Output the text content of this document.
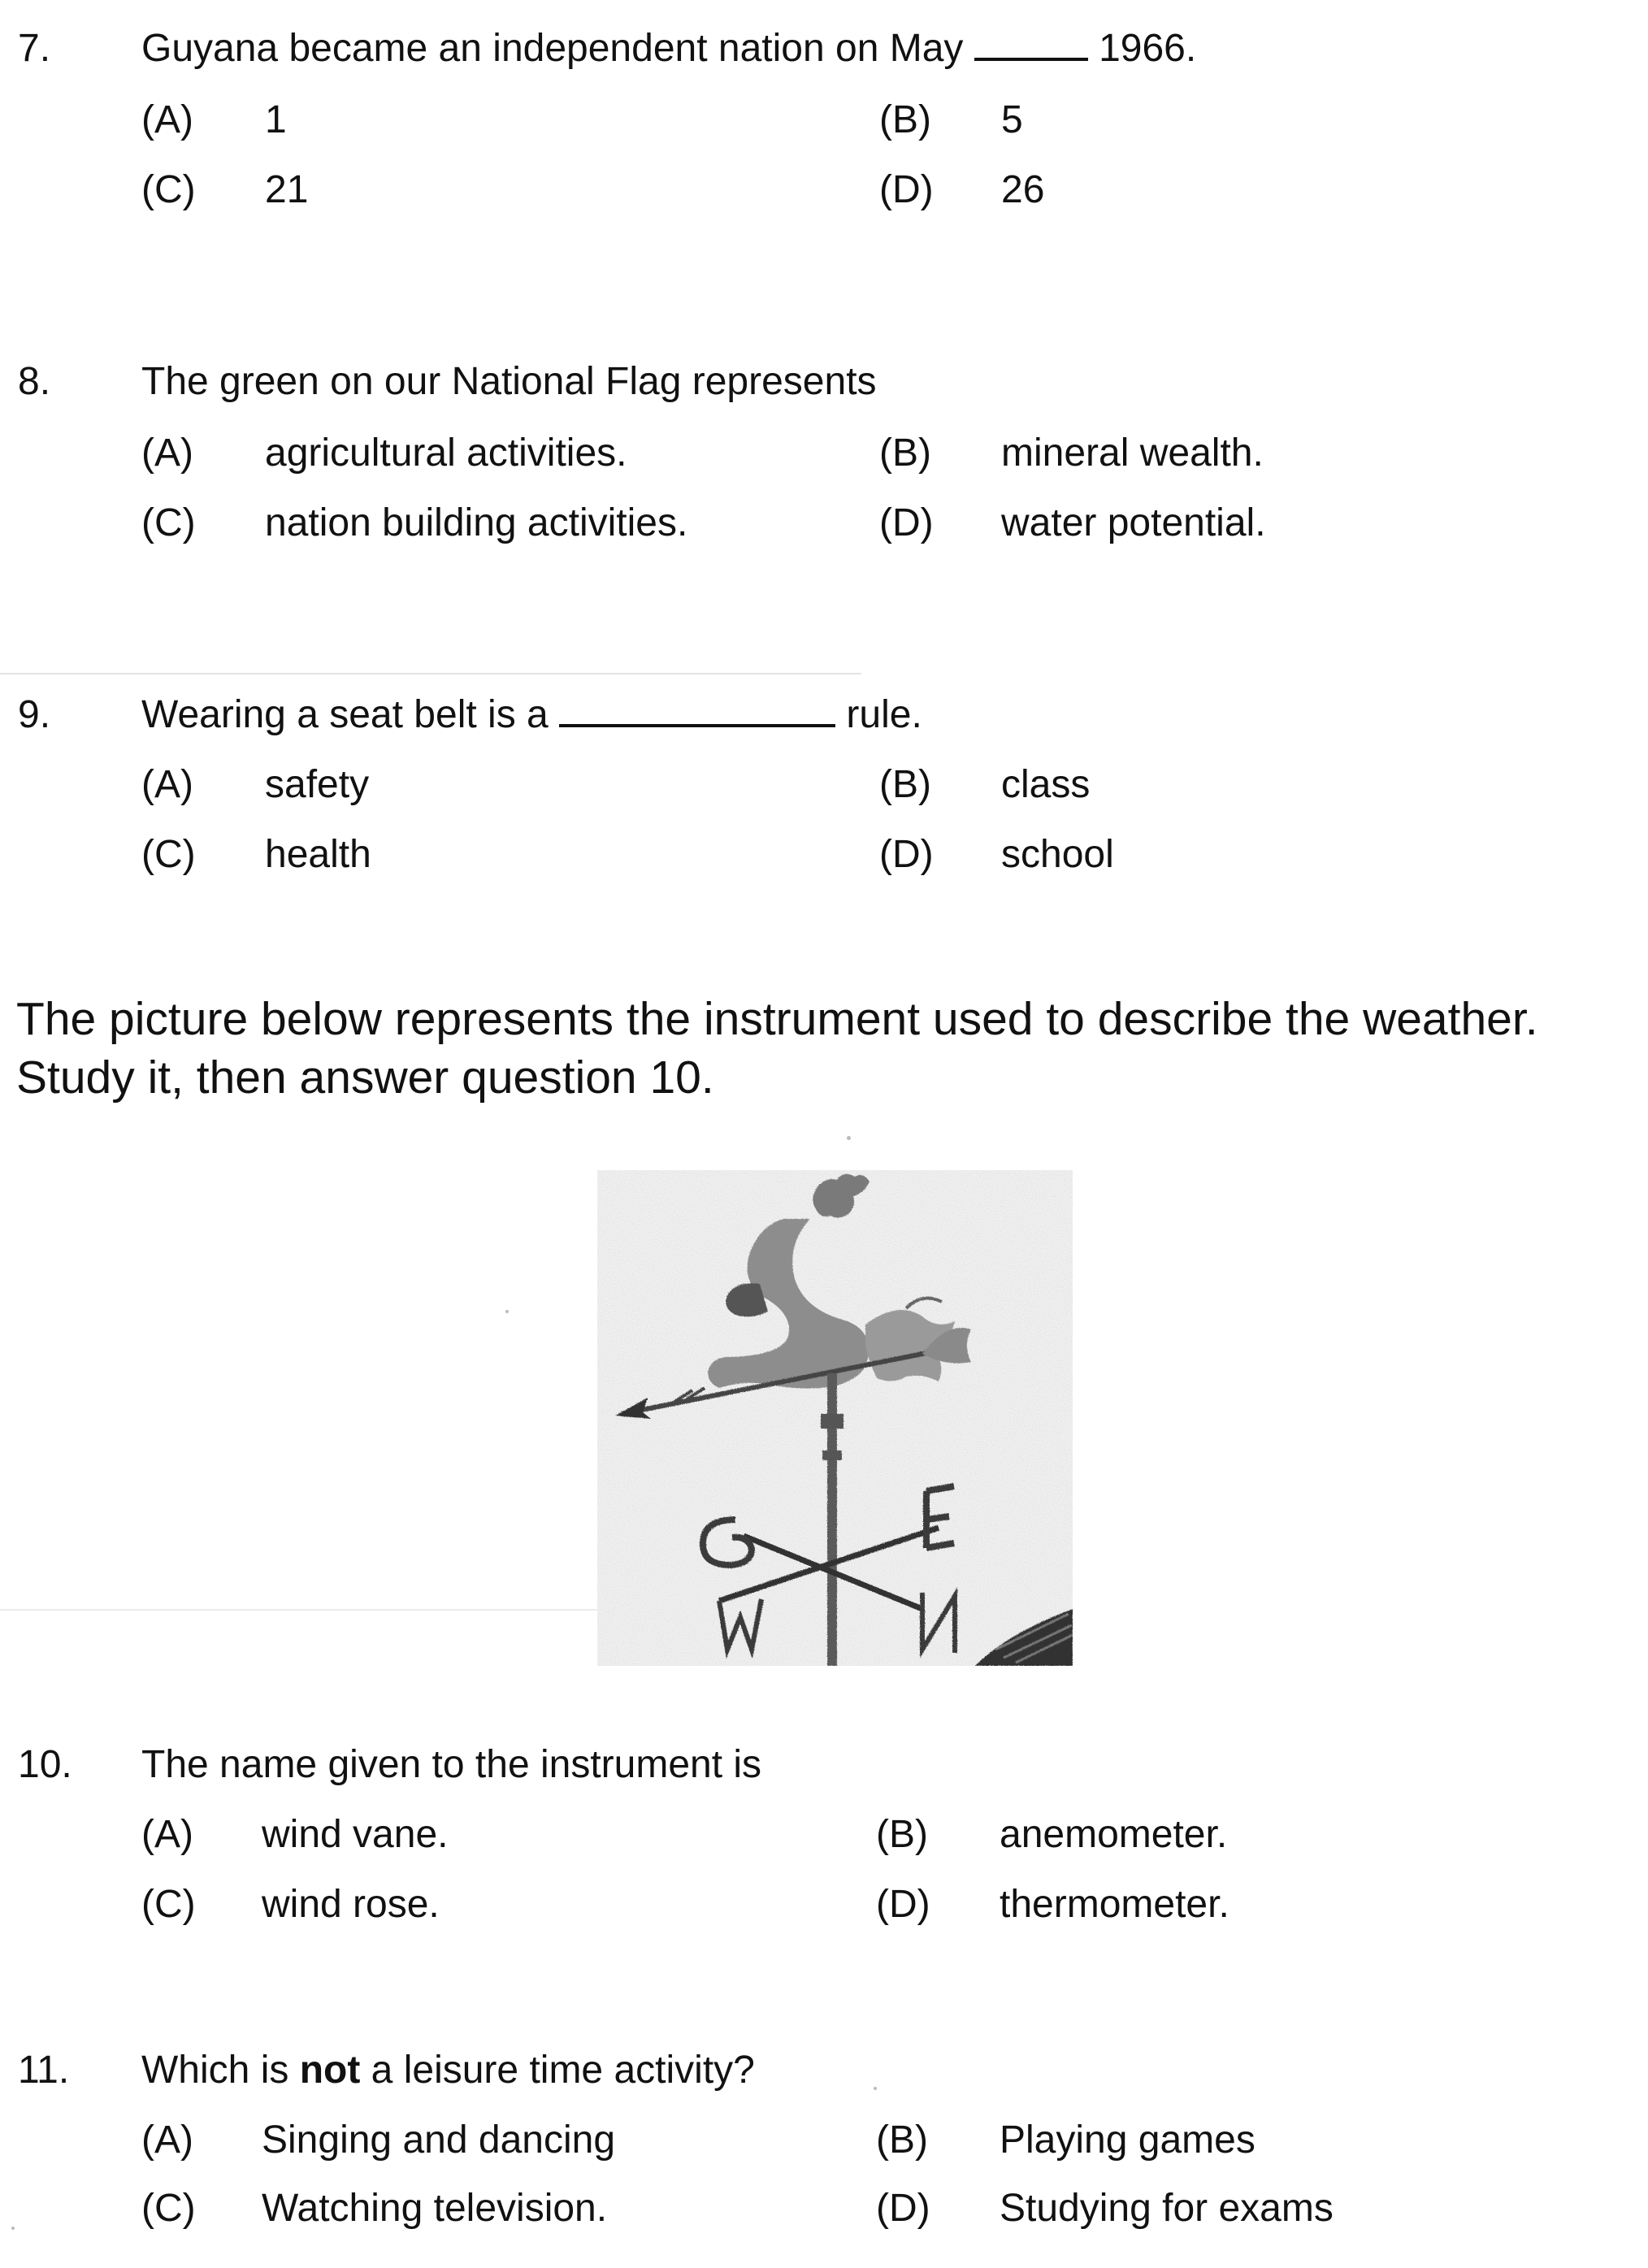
7. Guyana became an independent nation on May	1966.
(A) 1	(B) 5
(C) 21	(D) 26
8. The green on our National Flag represents
(A) agricultural activities.	(B) mineral wealth.
(C) nation building activities.	(D) water potential.
9. Wearing a seat belt is a	rule.
(A) safety	(B) class
(C) health	(D) school
The picture below represents the instrument used to describe the weather.
Study it, then answer question 10.
10. The name given to the instrument is
(A) wind vane.	(B) anemometer.
(C) wind rose.	(D) thermometer.
11. Which is not a leisure time activity?
(A) Singing and dancing	(B) Playing games
(C) Watching television.	(D) Studying for exams
